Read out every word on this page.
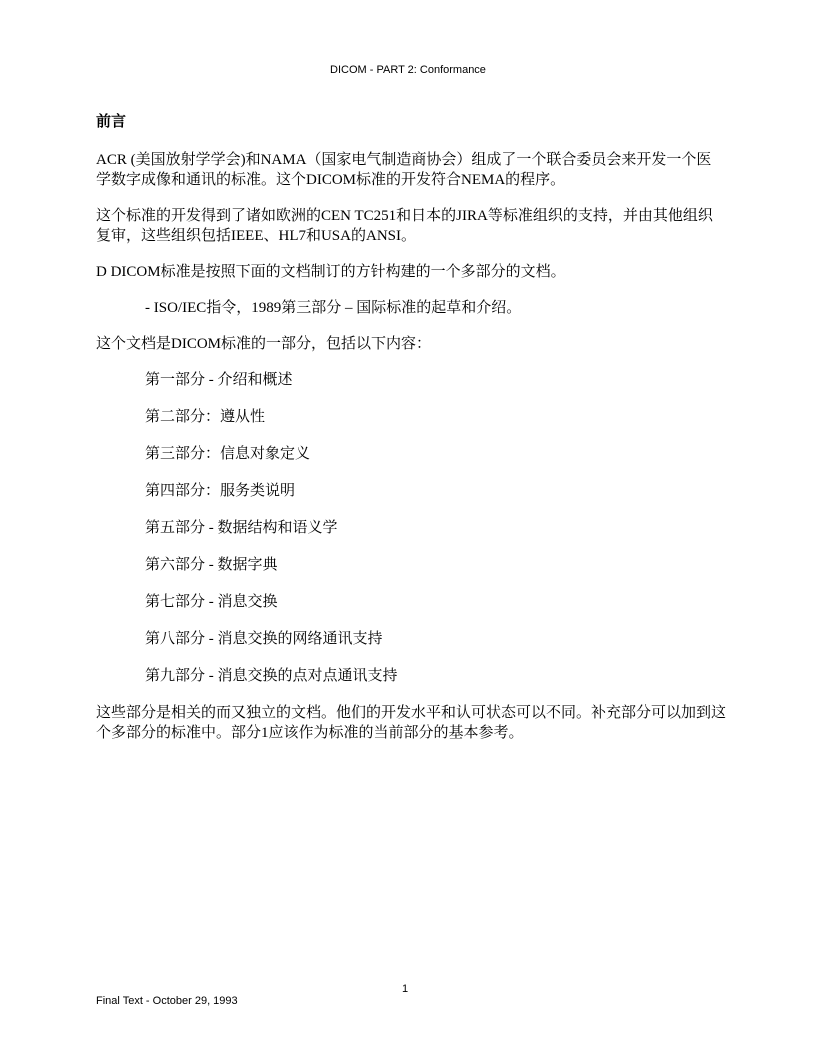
DICOM - PART 2: Conformance
前言

ACR (美国放射学学会)和NAMA（国家电气制造商协会）组成了一个联合委员会来开发一个医学数字成像和通讯的标准。这个DICOM标准的开发符合NEMA的程序。

这个标准的开发得到了诸如欧洲的CEN TC251和日本的JIRA等标准组织的支持，并由其他组织复审，这些组织包括IEEE、HL7和USA的ANSI。

D DICOM标准是按照下面的文档制订的方针构建的一个多部分的文档。

- ISO/IEC指令，1989第三部分 – 国际标准的起草和介绍。

这个文档是DICOM标准的一部分，包括以下内容：

第一部分 - 介绍和概述
第二部分：遵从性
第三部分：信息对象定义
第四部分：服务类说明
第五部分 - 数据结构和语义学
第六部分 - 数据字典
第七部分 - 消息交换
第八部分 - 消息交换的网络通讯支持
第九部分 - 消息交换的点对点通讯支持

这些部分是相关的而又独立的文档。他们的开发水平和认可状态可以不同。补充部分可以加到这个多部分的标准中。部分1应该作为标准的当前部分的基本参考。

1
Final Text - October 29, 1993
